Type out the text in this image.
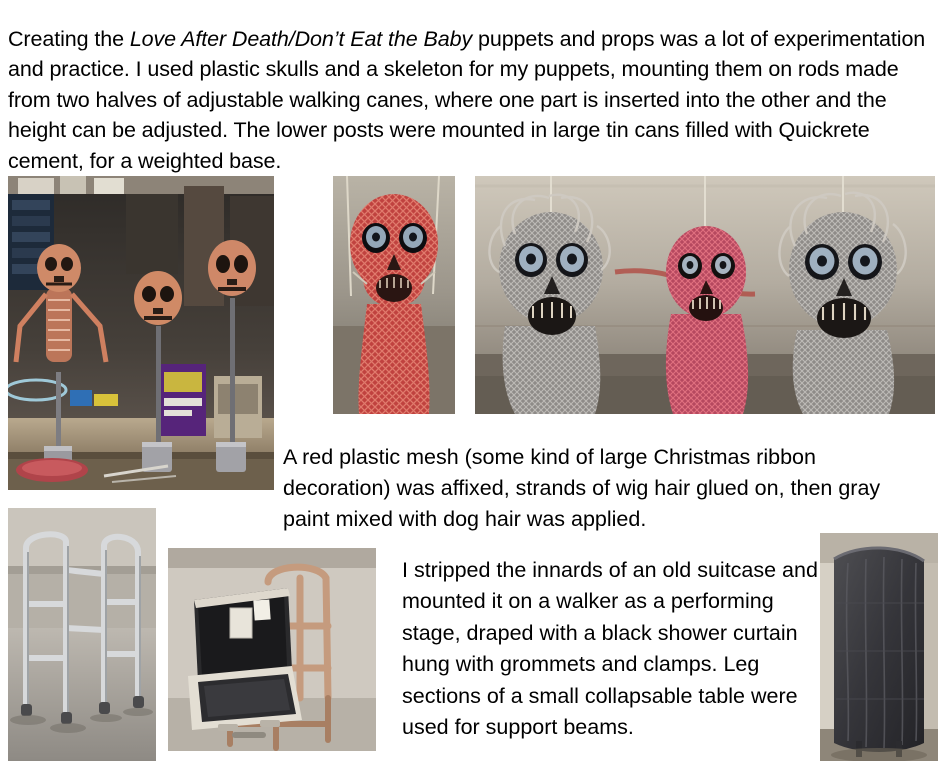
Creating the Love After Death/Don’t Eat the Baby puppets and props was a lot of experimentation and practice. I used plastic skulls and a skeleton for my puppets, mounting them on rods made from two halves of adjustable walking canes, where one part is inserted into the other and the height can be adjusted. The lower posts were mounted in large tin cans filled with Quickrete cement, for a weighted base.

A red plastic mesh (some kind of large Christmas ribbon decoration) was affixed, strands of wig hair glued on, then gray paint mixed with dog hair was applied.

I stripped the innards of an old suitcase and mounted it on a walker as a performing stage, draped with a black shower curtain hung with grommets and clamps. Leg sections of a small collapsable table were used for support beams.
